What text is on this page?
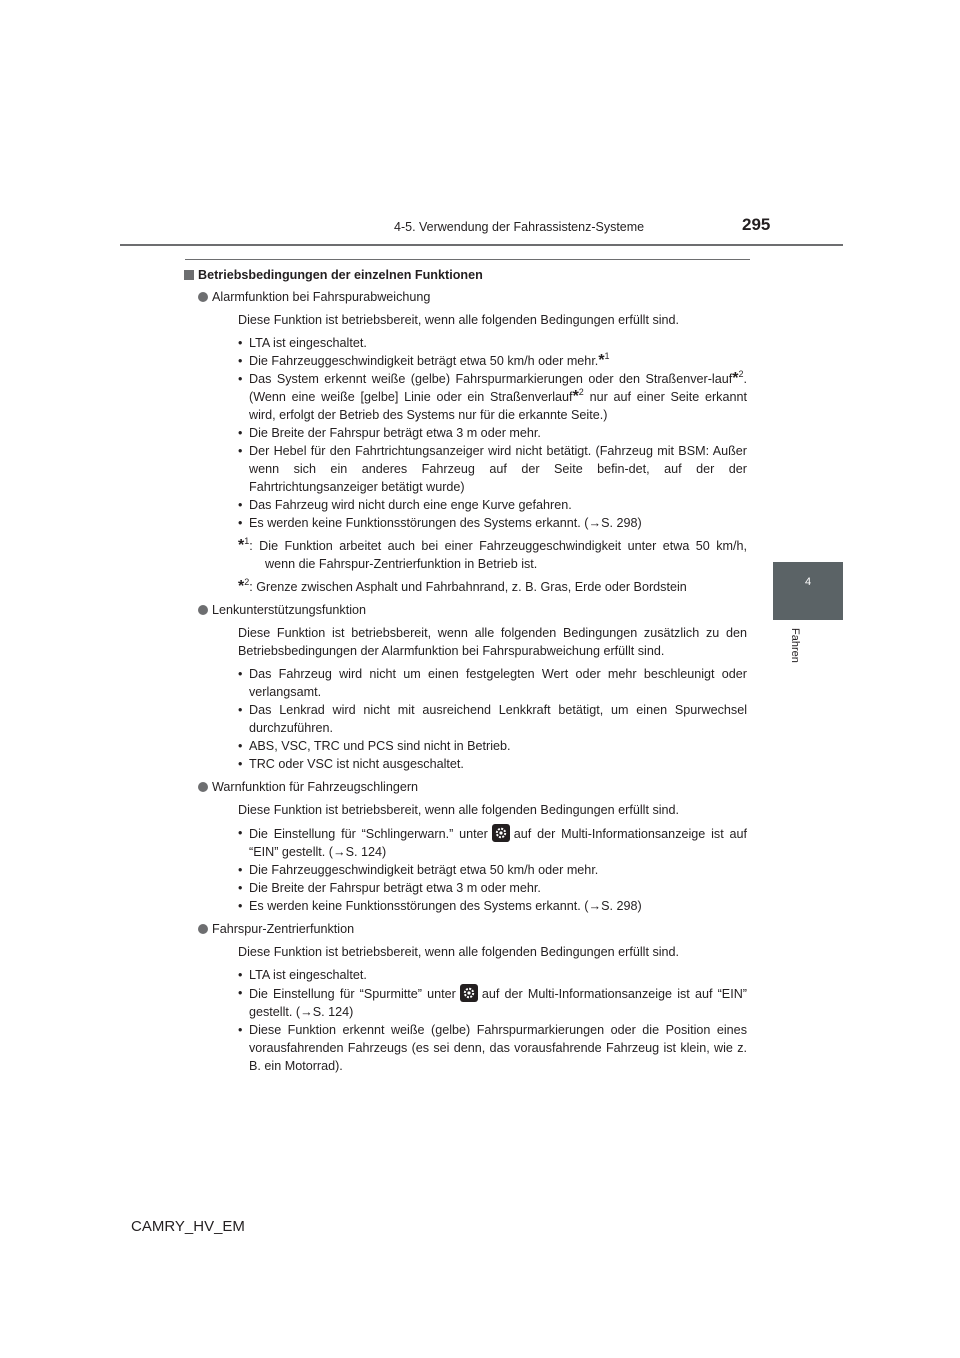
4-5. Verwendung der Fahrassistenz-Systeme	295
4
Fahren
Betriebsbedingungen der einzelnen Funktionen
Alarmfunktion bei Fahrspurabweichung
Diese Funktion ist betriebsbereit, wenn alle folgenden Bedingungen erfüllt sind.
• LTA ist eingeschaltet.
• Die Fahrzeuggeschwindigkeit beträgt etwa 50 km/h oder mehr.*$^1$
• Das System erkennt weiße (gelbe) Fahrspurmarkierungen oder den Straßenver-lauf*$^2$. (Wenn eine weiße [gelbe] Linie oder ein Straßenverlauf*$^2$ nur auf einer Seite erkannt wird, erfolgt der Betrieb des Systems nur für die erkannte Seite.)
• Die Breite der Fahrspur beträgt etwa 3 m oder mehr.
• Der Hebel für den Fahrtrichtungsanzeiger wird nicht betätigt. (Fahrzeug mit BSM: Außer wenn sich ein anderes Fahrzeug auf der Seite befin-det, auf der der Fahrtrichtungsanzeiger betätigt wurde)
• Das Fahrzeug wird nicht durch eine enge Kurve gefahren.
• Es werden keine Funktionsstörungen des Systems erkannt. (→S. 298)
*$^1$: Die Funktion arbeitet auch bei einer Fahrzeuggeschwindigkeit unter etwa 50 km/h, wenn die Fahrspur-Zentrierfunktion in Betrieb ist.
*$^2$: Grenze zwischen Asphalt und Fahrbahnrand, z. B. Gras, Erde oder Bordstein
Lenkunterstützungsfunktion
Diese Funktion ist betriebsbereit, wenn alle folgenden Bedingungen zusätzlich zu den Betriebsbedingungen der Alarmfunktion bei Fahrspurabweichung erfüllt sind.
• Das Fahrzeug wird nicht um einen festgelegten Wert oder mehr beschleunigt oder verlangsamt.
• Das Lenkrad wird nicht mit ausreichend Lenkkraft betätigt, um einen Spurwechsel durchzuführen.
• ABS, VSC, TRC und PCS sind nicht in Betrieb.
• TRC oder VSC ist nicht ausgeschaltet.
Warnfunktion für Fahrzeugschlingern
Diese Funktion ist betriebsbereit, wenn alle folgenden Bedingungen erfüllt sind.
• Die Einstellung für “Schlingerwarn.” unter auf der Multi-Informationsanzeige ist auf “EIN” gestellt. (→S. 124)
• Die Fahrzeuggeschwindigkeit beträgt etwa 50 km/h oder mehr.
• Die Breite der Fahrspur beträgt etwa 3 m oder mehr.
• Es werden keine Funktionsstörungen des Systems erkannt. (→S. 298)
Fahrspur-Zentrierfunktion
Diese Funktion ist betriebsbereit, wenn alle folgenden Bedingungen erfüllt sind.
• LTA ist eingeschaltet.
• Die Einstellung für “Spurmitte” unter auf der Multi-Informationsanzeige ist auf “EIN” gestellt. (→S. 124)
• Diese Funktion erkennt weiße (gelbe) Fahrspurmarkierungen oder die Position eines vorausfahrenden Fahrzeugs (es sei denn, das vorausfahrende Fahrzeug ist klein, wie z. B. ein Motorrad).
CAMRY_HV_EM
